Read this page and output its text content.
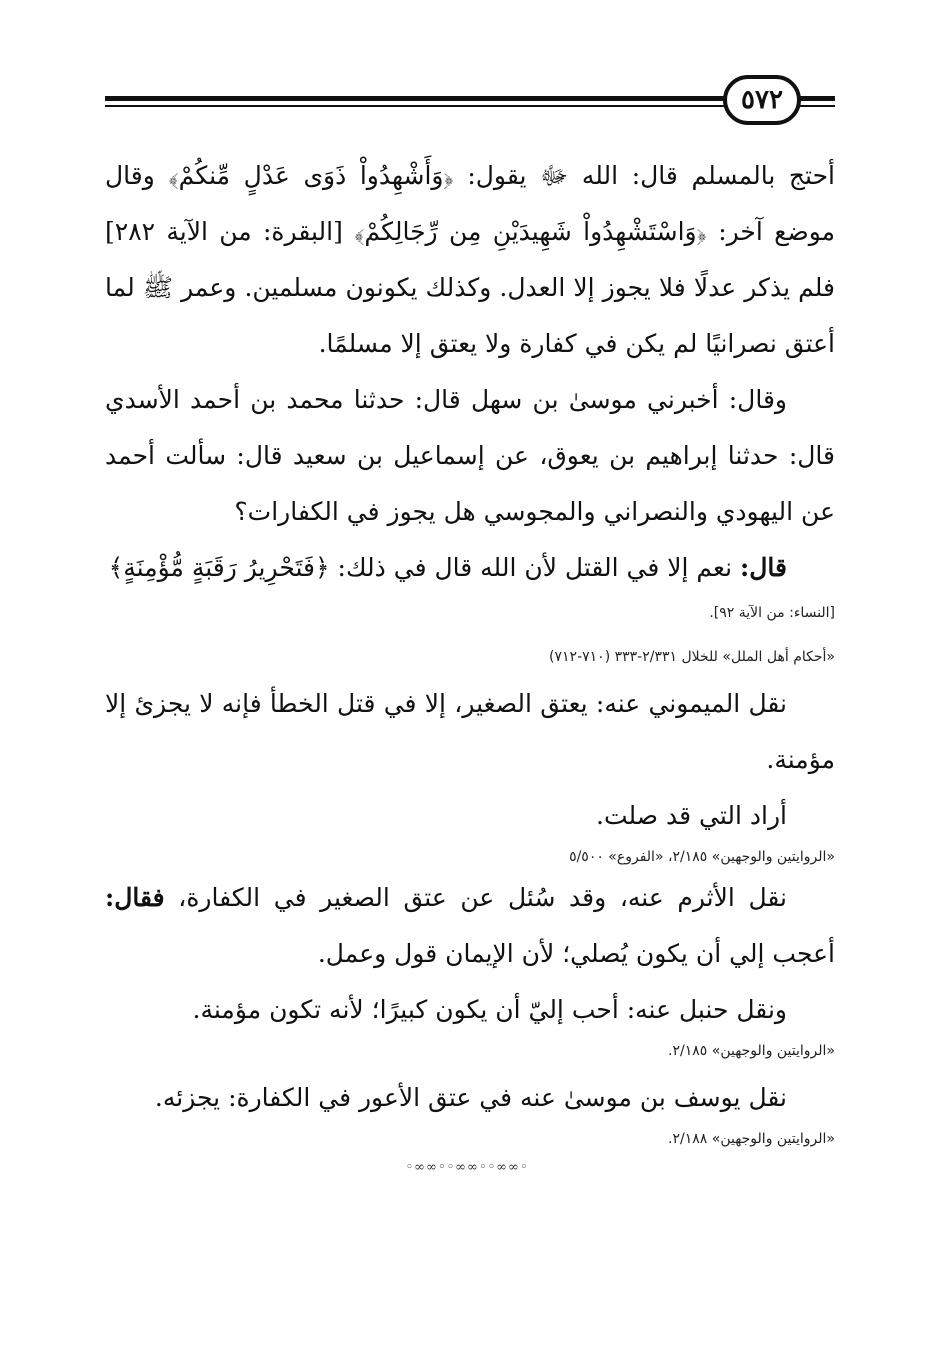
٥٧٢

أحتج بالمسلم قال: الله ﷻ يقول: ﴿وَأَشْهِدُواْ ذَوَى عَدْلٍ مِّنكُمْ﴾ وقال موضع آخر: ﴿وَاسْتَشْهِدُواْ شَهِيدَيْنِ مِن رِّجَالِكُمْ﴾ [البقرة: من الآية ٢٨٢] فلم يذكر عدلًا فلا يجوز إلا العدل. وكذلك يكونون مسلمين. وعمر ﷺ لما أعتق نصرانيًا لم يكن في كفارة ولا يعتق إلا مسلمًا.

وقال: أخبرني موسىٰ بن سهل قال: حدثنا محمد بن أحمد الأسدي قال: حدثنا إبراهيم بن يعوق، عن إسماعيل بن سعيد قال: سألت أحمد عن اليهودي والنصراني والمجوسي هل يجوز في الكفارات؟

قال: نعم إلا في القتل لأن الله قال في ذلك: ﴿فَتَحْرِيرُ رَقَبَةٍ مُّؤْمِنَةٍ﴾

[النساء: من الآية ٩٢].

«أحكام أهل الملل» للخلال ٢/٣٣١-٣٣٣ (٧١٠-٧١٢)

نقل الميموني عنه: يعتق الصغير، إلا في قتل الخطأ فإنه لا يجزئ إلا مؤمنة.

أراد التي قد صلت.

«الروايتين والوجهين» ٢/١٨٥، «الفروع» ٥/٥٠٠

نقل الأثرم عنه، وقد سُئل عن عتق الصغير في الكفارة، فقال: أعجب إلي أن يكون يُصلي؛ لأن الإيمان قول وعمل.

ونقل حنبل عنه: أحب إليّ أن يكون كبيرًا؛ لأنه تكون مؤمنة.

«الروايتين والوجهين» ٢/١٨٥.

نقل يوسف بن موسىٰ عنه في عتق الأعور في الكفارة: يجزئه.

«الروايتين والوجهين» ٢/١٨٨.

◦∞∞◦◦∞∞◦◦∞∞◦
